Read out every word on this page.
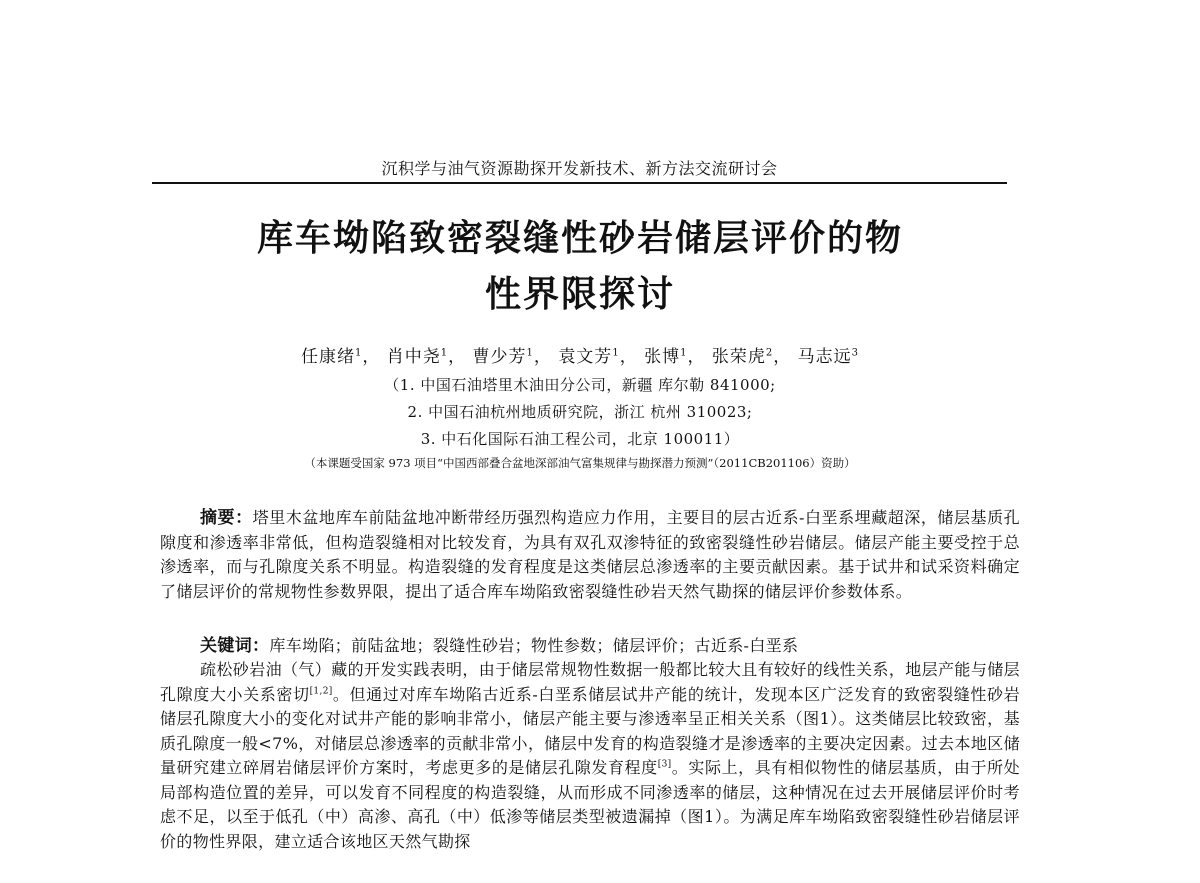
沉积学与油气资源勘探开发新技术、新方法交流研讨会
库车坳陷致密裂缝性砂岩储层评价的物
性界限探讨
任康绪$^1$， 肖中尧$^1$， 曹少芳$^1$， 袁文芳$^1$， 张博$^1$， 张荣虎$^2$， 马志远$^3$
（1. 中国石油塔里木油田分公司，新疆 库尔勒 841000;
2. 中国石油杭州地质研究院，浙江 杭州 310023;
3. 中石化国际石油工程公司，北京 100011）
（本课题受国家 973 项目“中国西部叠合盆地深部油气富集规律与勘探潜力预测”（2011CB201106）资助）
摘要：塔里木盆地库车前陆盆地冲断带经历强烈构造应力作用，主要目的层古近系-白垩系埋藏超深，储层基质孔隙度和渗透率非常低，但构造裂缝相对比较发育，为具有双孔双渗特征的致密裂缝性砂岩储层。储层产能主要受控于总渗透率，而与孔隙度关系不明显。构造裂缝的发育程度是这类储层总渗透率的主要贡献因素。基于试井和试采资料确定了储层评价的常规物性参数界限，提出了适合库车坳陷致密裂缝性砂岩天然气勘探的储层评价参数体系。
关键词：库车坳陷；前陆盆地；裂缝性砂岩；物性参数；储层评价；古近系-白垩系
疏松砂岩油（气）藏的开发实践表明，由于储层常规物性数据一般都比较大且有较好的线性关系，地层产能与储层孔隙度大小关系密切[1,2]。但通过对库车坳陷古近系-白垩系储层试井产能的统计，发现本区广泛发育的致密裂缝性砂岩储层孔隙度大小的变化对试井产能的影响非常小，储层产能主要与渗透率呈正相关关系（图1）。这类储层比较致密，基质孔隙度一般<7%，对储层总渗透率的贡献非常小，储层中发育的构造裂缝才是渗透率的主要决定因素。过去本地区储量研究建立碎屑岩储层评价方案时，考虑更多的是储层孔隙发育程度[3]。实际上，具有相似物性的储层基质，由于所处局部构造位置的差异，可以发育不同程度的构造裂缝，从而形成不同渗透率的储层，这种情况在过去开展储层评价时考虑不足，以至于低孔（中）高渗、高孔（中）低渗等储层类型被遗漏掉（图1）。为满足库车坳陷致密裂缝性砂岩储层评价的物性界限，建立适合该地区天然气勘探
